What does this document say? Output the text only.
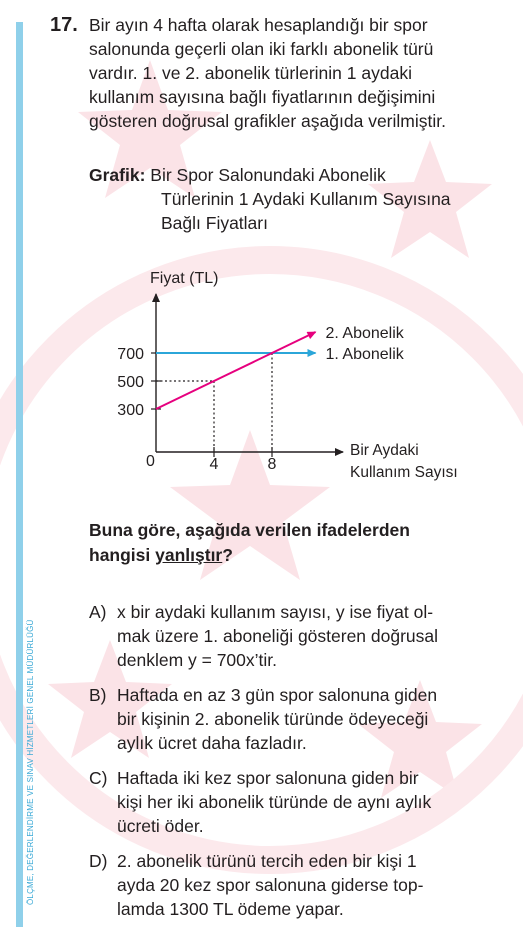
ÖLÇME, DEĞERLENDİRME VE SINAV HİZMETLERİ GENEL MÜDÜRLÜĞÜ
17. Bir ayın 4 hafta olarak hesaplandığı bir spor
salonunda geçerli olan iki farklı abonelik türü
vardır. 1. ve 2. abonelik türlerinin 1 aydaki
kullanım sayısına bağlı fiyatlarının değişimini
gösteren doğrusal grafikler aşağıda verilmiştir.
Grafik: Bir Spor Salonundaki Abonelik
Türlerinin 1 Aydaki Kullanım Sayısına
Bağlı Fiyatları
Fiyat (TL)
Bir Aydaki
Kullanım Sayısı
0
300
500
700
4	8
1. Abonelik
2. Abonelik
Buna göre, aşağıda verilen ifadelerden
hangisi yanlıştır?
A) x bir aydaki kullanım sayısı, y ise fiyat ol-
mak üzere 1. aboneliği gösteren doğrusal
denklem y = 700x’tir.
B) Haftada en az 3 gün spor salonuna giden
bir kişinin 2. abonelik türünde ödeyeceği
aylık ücret daha fazladır.
C) Haftada iki kez spor salonuna giden bir
kişi her iki abonelik türünde de aynı aylık
ücreti öder.
D) 2. abonelik türünü tercih eden bir kişi 1
ayda 20 kez spor salonuna giderse top-
lamda 1300 TL ödeme yapar.
